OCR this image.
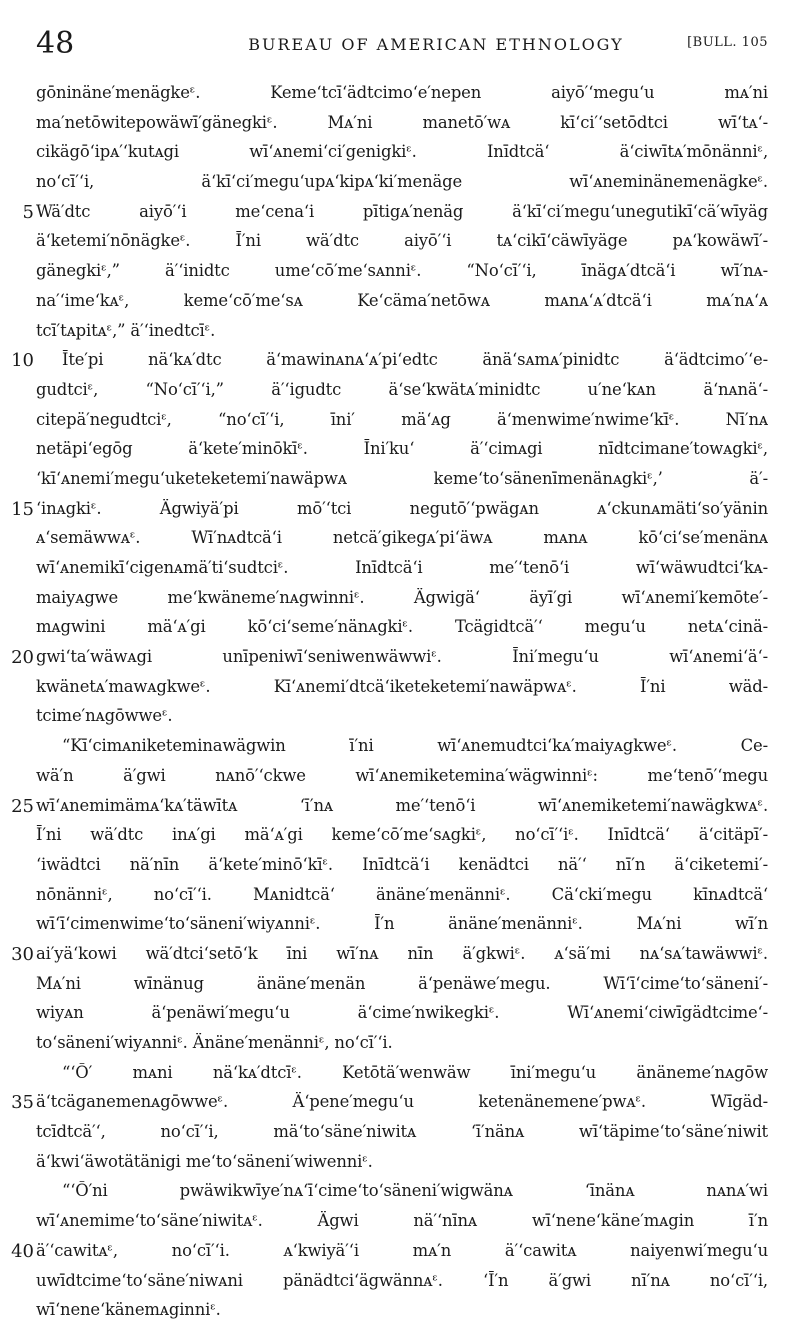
48	BUREAU OF AMERICAN ETHNOLOGY	[BULL. 105
gōninäne′menägkeᵋ. Keme‘tcī‘ädtcimo‘e′nepen aiyō′‘megu‘u mᴀ′ni
ma′netōwitepowäwī′gänegkiᵋ. Mᴀ′ni manetō′wᴀ kī‘ci′‘setōdtci wī‘tᴀ‘-
cikägō‘ipᴀ′‘kutᴀgi wī‘ᴀnemi‘ci′genigkiᵋ. Inīdtcä‘ ä‘ciwītᴀ′mōnänniᵋ,
no‘cī′‘i, ä‘kī‘ci′megu‘upᴀ‘kipᴀ‘ki′menäge wī‘ᴀneminänemenägkeᵋ.
5 Wä′dtc aiyō′‘i me‘cena‘i pītigᴀ′nenäg ä‘kī‘ci′megu‘unegutikī‘cä′wīyäg
ä‘ketemi′nōnägkeᵋ. Ī′ni wä′dtc aiyō′‘i tᴀ‘cikī‘cäwīyäge pᴀ‘kowäwī′-
gänegkiᵋ,” ä′‘inidtc ume‘cō′me‘sᴀnniᵋ. “No‘cī′‘i, īnägᴀ′dtcä‘i wī′nᴀ-
na′‘ime‘kᴀᵋ, keme‘cō′me‘sᴀ Ke‘cäma′netōwᴀ mᴀnᴀ‘ᴀ′dtcä‘i mᴀ′nᴀ‘ᴀ
tcī′tᴀpitᴀᵋ,” ä′‘inedtcīᵋ.
10 Īte′pi nä‘kᴀ′dtc ä‘mawinᴀnᴀ‘ᴀ′pi‘edtc änä‘sᴀmᴀ′pinidtc ä‘ädtcimo′‘e-
gudtciᵋ, “No‘cī′‘i,” ä′‘igudtc ä‘se‘kwätᴀ′minidtc u′ne‘kᴀn ä‘nᴀnä‘-
citepä′negudtciᵋ, “no‘cī′‘i, īni′ mä‘ᴀg ä‘menwime′nwime‘kīᵋ. Nī′nᴀ
netäpi‘egōg ä‘kete′minōkīᵋ. Īni′ku‘ ä′‘cimᴀgi nīdtcimane′towᴀgkiᵋ,
‘kī‘ᴀnemi′megu‘uketeketemi′nawäpwᴀ keme‘to‘sänenīmenänᴀgkiᵋ,’ ä′-
15 ‘inᴀgkiᵋ. Ägwiyä′pi mō′‘tci negutō′‘pwägᴀn ᴀ‘ckunᴀmäti‘so′yänin
ᴀ‘semäwwᴀᵋ. Wī′nᴀdtcä‘i netcä′gikegᴀ′pi‘äwᴀ mᴀnᴀ kō‘ci‘se′menänᴀ
wī‘ᴀnemikī‘cigenᴀmä′ti‘sudtciᵋ. Inīdtcä‘i me′‘tenō‘i wī‘wäwudtci‘kᴀ-
maiyᴀgwe me‘kwäneme′nᴀgwinniᵋ. Ägwigä‘ äyī′gi wī‘ᴀnemi′kemōte′-
mᴀgwini mä‘ᴀ′gi kō‘ci‘seme′nänᴀgkiᵋ. Tcägidtcä′‘ megu‘u netᴀ‘cinä-
20 gwi‘ta′wäwᴀgi unīpeniwī‘seniwenwäwwiᵋ. Īni′megu‘u wī‘ᴀnemi‘ä‘-
kwänetᴀ′mawᴀgkweᵋ. Kī‘ᴀnemi′dtcä‘iketeketemi′nawäpwᴀᵋ. Ī′ni wäd-
tcime′nᴀgōwweᵋ.
“Kī‘cimᴀniketeminawägwin ī′ni wī‘ᴀnemudtci‘kᴀ′maiyᴀgkweᵋ. Ce-
wä′n ä′gwi nᴀnō′‘ckwe wī‘ᴀnemiketemina′wägwinniᵋ: me‘tenō′‘megu
25 wī‘ᴀnemimämᴀ‘kᴀ′täwītᴀ ‘ī′nᴀ me′‘tenō‘i wī‘ᴀnemiketemi′nawägkwᴀᵋ.
Ī′ni wä′dtc inᴀ′gi mä‘ᴀ′gi keme‘cō′me‘sᴀgkiᵋ, no‘cī′‘iᵋ. Inīdtcä‘ ä‘citäpī′-
‘iwädtci nä′nīn ä‘kete′minō‘kīᵋ. Inīdtcä‘i kenädtci nä′‘ nī′n ä‘ciketemi′-
nōnänniᵋ, no‘cī′‘i. Mᴀnidtcä‘ änäne′menänniᵋ. Cä‘cki′megu kīnᴀdtcä‘
wī‘ī‘cimenwime‘to‘säneni′wiyᴀnniᵋ. Ī′n änäne′menänniᵋ. Mᴀ′ni wī′n
30 ai′yä‘kowi wä′dtci‘setō‘k īni wī′nᴀ nīn ä′gkwiᵋ. ᴀ‘sä′mi nᴀ‘sᴀ′tawäwwiᵋ.
Mᴀ′ni wīnänug änäne′menän ä‘penäwe′megu. Wī‘ī‘cime‘to‘säneni′-
wiyᴀn ä‘penäwi′megu‘u ä‘cime′nwikegkiᵋ. Wī‘ᴀnemi‘ciwīgädtcime‘-
to‘säneni′wiyᴀnniᵋ. Änäne′menänniᵋ, no‘cī′‘i.
“‘Ō′ mᴀni nä‘kᴀ′dtcīᵋ. Ketōtä′wenwäw īni′megu‘u änäneme′nᴀgōw
35 ä‘tcäganemenᴀgōwweᵋ. Ä‘pene′megu‘u ketenänemene′pwᴀᵋ. Wīgäd-
tcīdtcä′‘, no‘cī′‘i, mä‘to‘säne′niwitᴀ ‘ī′nänᴀ wī‘täpime‘to‘säne′niwit
ä‘kwi‘äwotätänigi me‘to‘säneni′wiwenniᵋ.
“‘Ō′ni pwäwikwīye′nᴀ‘ī‘cime‘to‘säneni′wigwänᴀ ‘īnänᴀ nᴀnᴀ′wi
wī‘ᴀnemime‘to‘säne′niwitᴀᵋ. Ägwi nä′‘nīnᴀ wī‘nene‘käne′mᴀgin ī′n
40 ä′‘cawitᴀᵋ, no‘cī′‘i. ᴀ‘kwiyä′‘i mᴀ′n ä′‘cawitᴀ naiyenwi′megu‘u
uwīdtcime‘to‘säne′niwᴀni pänädtci‘ägwännᴀᵋ. ‘Ī′n ä′gwi nī′nᴀ no‘cī′‘i,
wī‘nene‘känemᴀginniᵋ.
